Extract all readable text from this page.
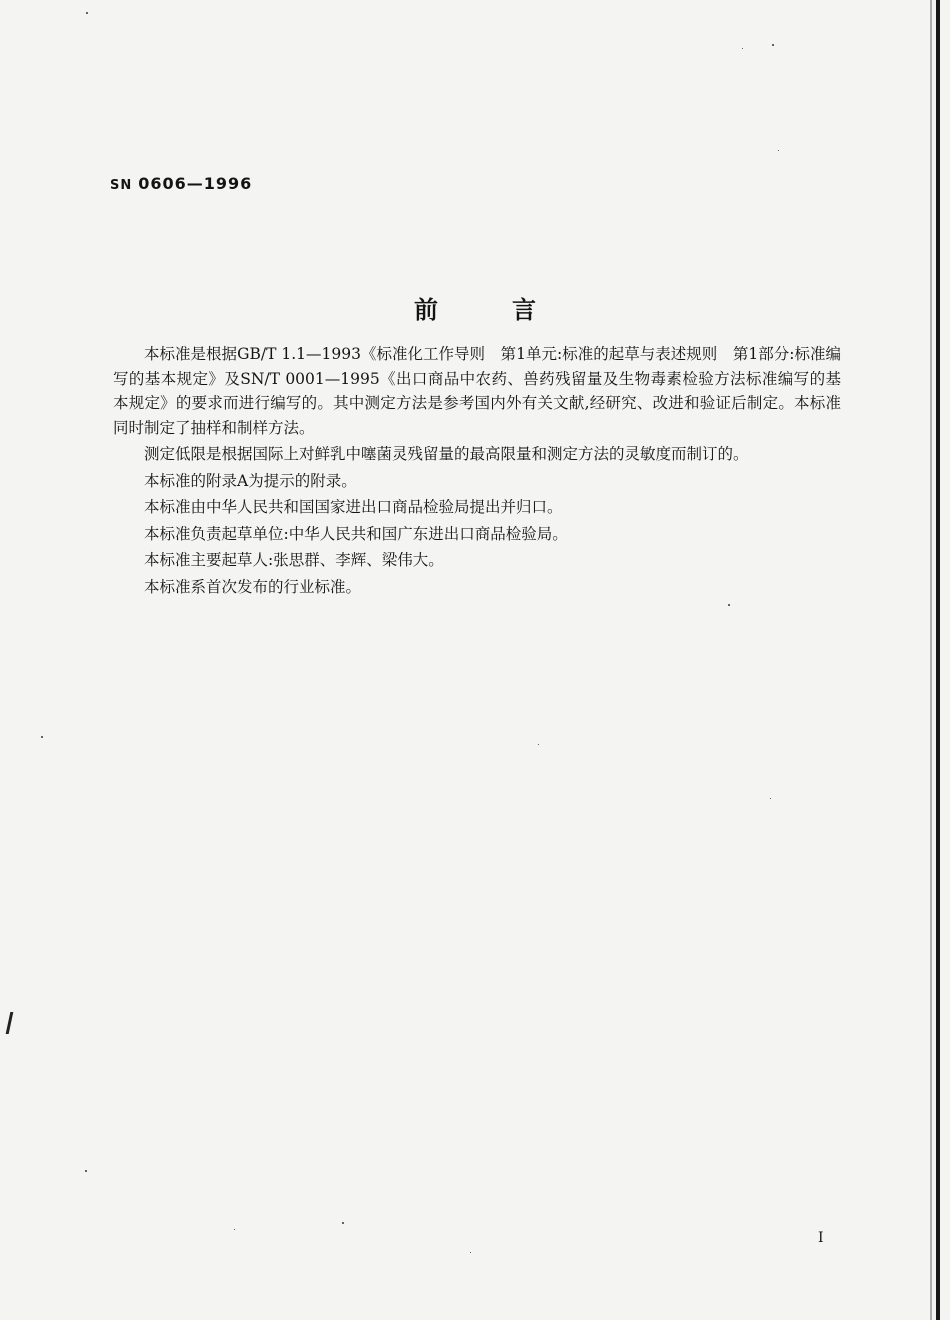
SN 0606—1996
前言

本标准是根据GB/T 1.1—1993《标准化工作导则　第1单元:标准的起草与表述规则　第1部分:标准编写的基本规定》及SN/T 0001—1995《出口商品中农药、兽药残留量及生物毒素检验方法标准编写的基本规定》的要求而进行编写的。其中测定方法是参考国内外有关文献,经研究、改进和验证后制定。本标准同时制定了抽样和制样方法。

测定低限是根据国际上对鲜乳中噻菌灵残留量的最高限量和测定方法的灵敏度而制订的。

本标准的附录A为提示的附录。

本标准由中华人民共和国国家进出口商品检验局提出并归口。

本标准负责起草单位:中华人民共和国广东进出口商品检验局。

本标准主要起草人:张思群、李辉、梁伟大。

本标准系首次发布的行业标准。

I
